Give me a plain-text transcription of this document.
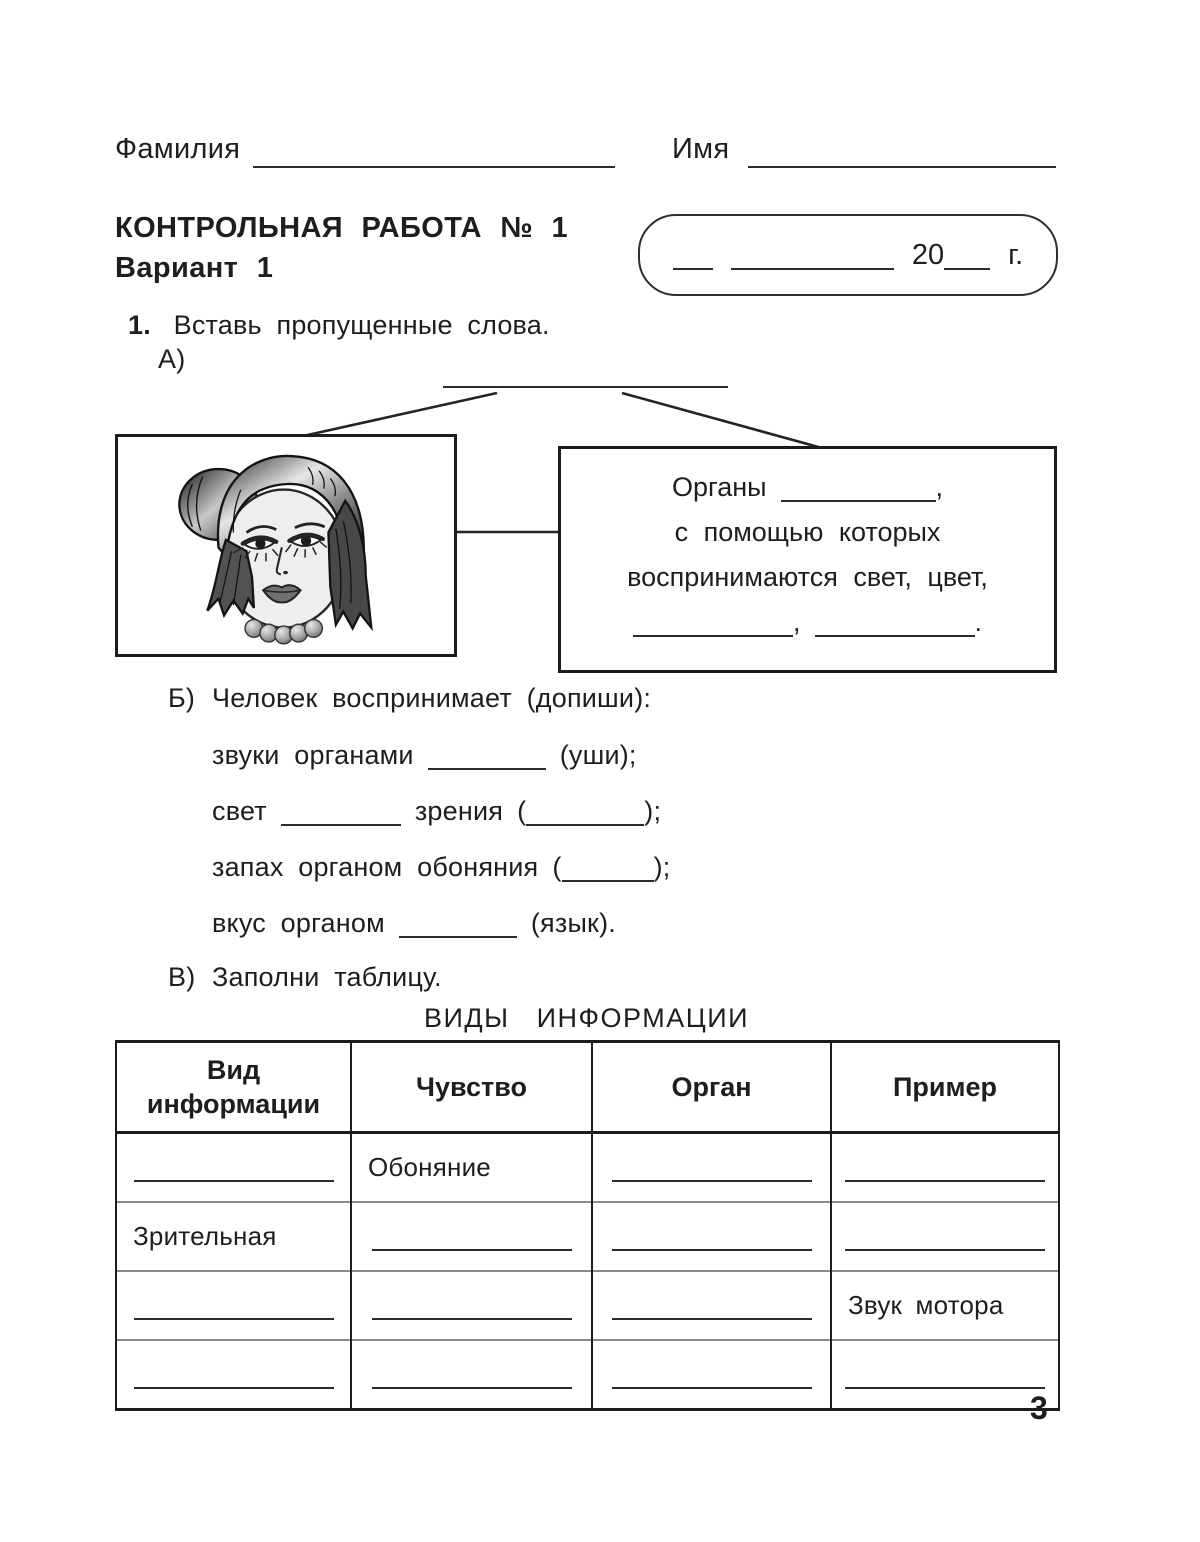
Фамилия	Имя
КОНТРОЛЬНАЯ РАБОТА № 1
Вариант 1	20 г.
1. Вставь пропущенные слова.
А)
Органы	,
с помощью которых
воспринимаются свет, цвет,
,	.
Б) Человек воспринимает (допиши):
звуки органами	(уши);
свет	зрения (	);
запах органом обоняния (	);
вкус органом	(язык).
В) Заполни таблицу.
ВИДЫ ИНФОРМАЦИИ
Вид информации	Чувство	Орган	Пример
	Обоняние		
Зрительная			
			Звук мотора

3
